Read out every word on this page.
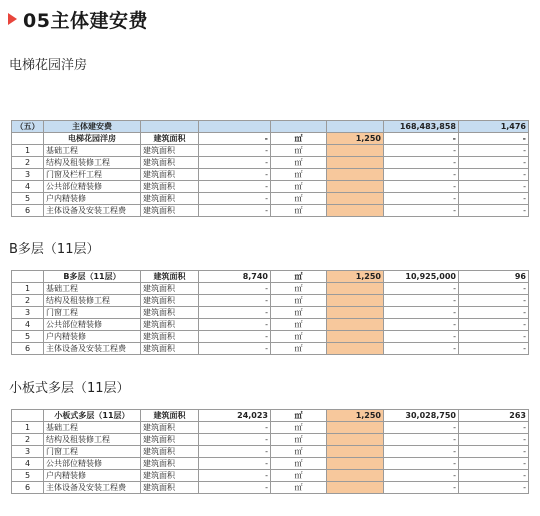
05主体建安费
电梯花园洋房
B多层（11层）
小板式多层（11层）
（五）	主体建安费					168,483,858	1,476
	电梯花园洋房	建筑面积	-	㎡	1,250	-	-
1	基础工程	建筑面积	-	㎡		-	-
2	结构及租装修工程	建筑面积	-	㎡		-	-
3	门窗及栏杆工程	建筑面积	-	㎡		-	-
4	公共部位精装修	建筑面积	-	㎡		-	-
5	户内精装修	建筑面积	-	㎡		-	-
6	主体设备及安装工程费	建筑面积	-	㎡		-	-
	B多层（11层）	建筑面积	8,740	㎡	1,250	10,925,000	96
1	基础工程	建筑面积	-	㎡		-	-
2	结构及租装修工程	建筑面积	-	㎡		-	-
3	门窗工程	建筑面积	-	㎡		-	-
4	公共部位精装修	建筑面积	-	㎡		-	-
5	户内精装修	建筑面积	-	㎡		-	-
6	主体设备及安装工程费	建筑面积	-	㎡		-	-
	小板式多层（11层）	建筑面积	24,023	㎡	1,250	30,028,750	263
1	基础工程	建筑面积	-	㎡		-	-
2	结构及租装修工程	建筑面积	-	㎡		-	-
3	门窗工程	建筑面积	-	㎡		-	-
4	公共部位精装修	建筑面积	-	㎡		-	-
5	户内精装修	建筑面积	-	㎡		-	-
6	主体设备及安装工程费	建筑面积	-	㎡		-	-
